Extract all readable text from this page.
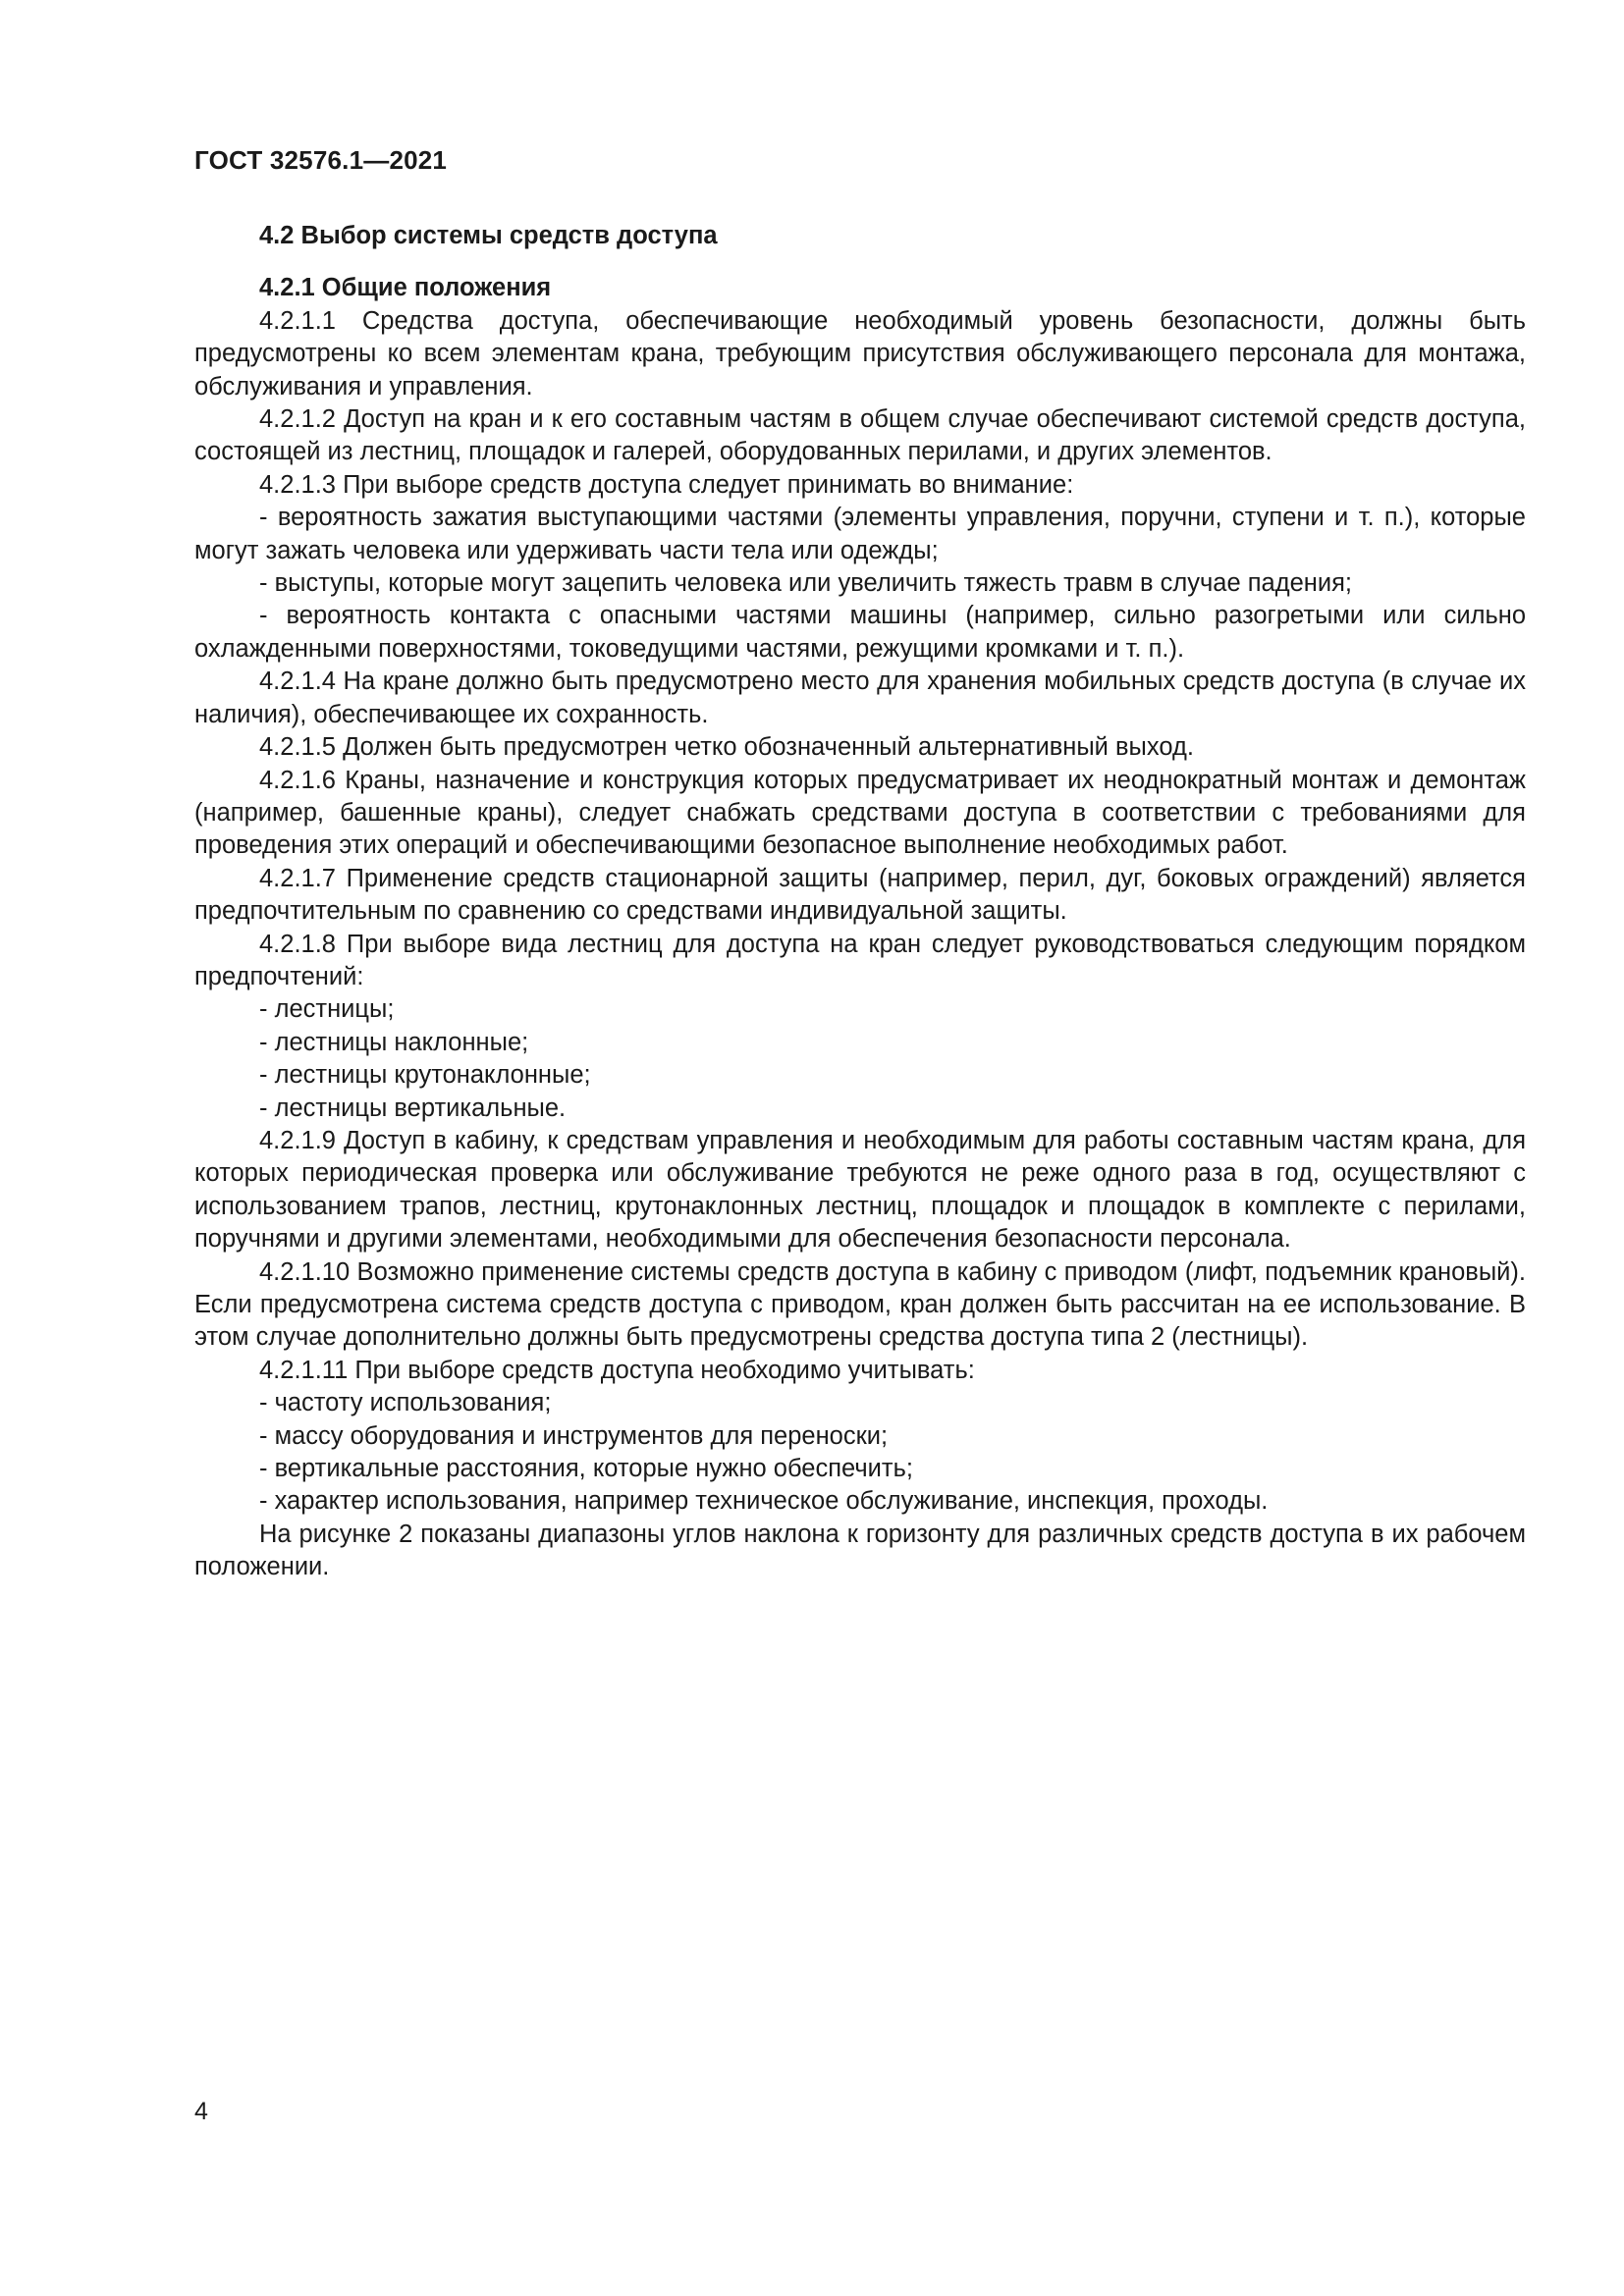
ГОСТ 32576.1—2021

4.2 Выбор системы средств доступа

4.2.1 Общие положения

4.2.1.1 Средства доступа, обеспечивающие необходимый уровень безопасности, должны быть предусмотрены ко всем элементам крана, требующим присутствия обслуживающего персонала для монтажа, обслуживания и управления.

4.2.1.2 Доступ на кран и к его составным частям в общем случае обеспечивают системой средств доступа, состоящей из лестниц, площадок и галерей, оборудованных перилами, и других элементов.

4.2.1.3 При выборе средств доступа следует принимать во внимание:

- вероятность зажатия выступающими частями (элементы управления, поручни, ступени и т. п.), которые могут зажать человека или удерживать части тела или одежды;

- выступы, которые могут зацепить человека или увеличить тяжесть травм в случае падения;

- вероятность контакта с опасными частями машины (например, сильно разогретыми или сильно охлажденными поверхностями, токоведущими частями, режущими кромками и т. п.).

4.2.1.4 На кране должно быть предусмотрено место для хранения мобильных средств доступа (в случае их наличия), обеспечивающее их сохранность.

4.2.1.5 Должен быть предусмотрен четко обозначенный альтернативный выход.

4.2.1.6 Краны, назначение и конструкция которых предусматривает их неоднократный монтаж и демонтаж (например, башенные краны), следует снабжать средствами доступа в соответствии с требованиями для проведения этих операций и обеспечивающими безопасное выполнение необходимых работ.

4.2.1.7 Применение средств стационарной защиты (например, перил, дуг, боковых ограждений) является предпочтительным по сравнению со средствами индивидуальной защиты.

4.2.1.8 При выборе вида лестниц для доступа на кран следует руководствоваться следующим порядком предпочтений:

- лестницы;

- лестницы наклонные;

- лестницы крутонаклонные;

- лестницы вертикальные.

4.2.1.9 Доступ в кабину, к средствам управления и необходимым для работы составным частям крана, для которых периодическая проверка или обслуживание требуются не реже одного раза в год, осуществляют с использованием трапов, лестниц, крутонаклонных лестниц, площадок и площадок в комплекте с перилами, поручнями и другими элементами, необходимыми для обеспечения безопасности персонала.

4.2.1.10 Возможно применение системы средств доступа в кабину с приводом (лифт, подъемник крановый). Если предусмотрена система средств доступа с приводом, кран должен быть рассчитан на ее использование. В этом случае дополнительно должны быть предусмотрены средства доступа типа 2 (лестницы).

4.2.1.11 При выборе средств доступа необходимо учитывать:

- частоту использования;

- массу оборудования и инструментов для переноски;

- вертикальные расстояния, которые нужно обеспечить;

- характер использования, например техническое обслуживание, инспекция, проходы.

На рисунке 2 показаны диапазоны углов наклона к горизонту для различных средств доступа в их рабочем положении.

4
